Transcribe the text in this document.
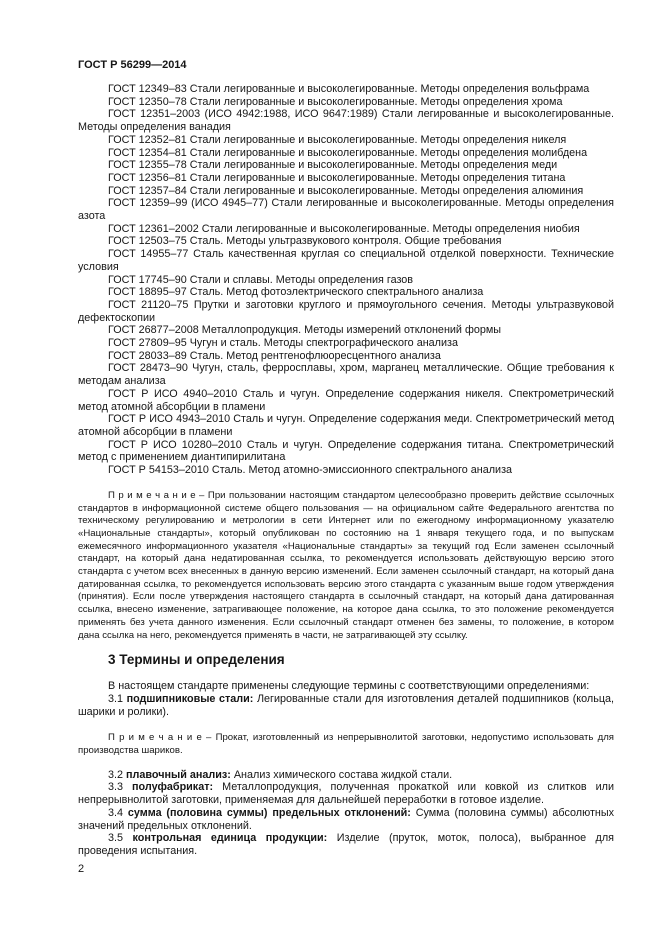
ГОСТ Р 56299—2014

ГОСТ 12349–83 Стали легированные и высоколегированные. Методы определения вольфрама

ГОСТ 12350–78 Стали легированные и высоколегированные. Методы определения хрома

ГОСТ 12351–2003 (ИСО 4942:1988, ИСО 9647:1989) Стали легированные и высоколегированные. Методы определения ванадия

ГОСТ 12352–81 Стали легированные и высоколегированные. Методы определения никеля

ГОСТ 12354–81 Стали легированные и высоколегированные. Методы определения молибдена

ГОСТ 12355–78 Стали легированные и высоколегированные. Методы определения меди

ГОСТ 12356–81 Стали легированные и высоколегированные. Методы определения титана

ГОСТ 12357–84 Стали легированные и высоколегированные. Методы определения алюминия

ГОСТ 12359–99 (ИСО 4945–77) Стали легированные и высоколегированные. Методы определения азота

ГОСТ 12361–2002 Стали легированные и высоколегированные. Методы определения ниобия

ГОСТ 12503–75 Сталь. Методы ультразвукового контроля. Общие требования

ГОСТ 14955–77 Сталь качественная круглая со специальной отделкой поверхности. Технические условия

ГОСТ 17745–90 Стали и сплавы. Методы определения газов

ГОСТ 18895–97 Сталь. Метод фотоэлектрического спектрального анализа

ГОСТ 21120–75 Прутки и заготовки круглого и прямоугольного сечения. Методы ультразвуковой дефектоскопии

ГОСТ 26877–2008 Металлопродукция. Методы измерений отклонений формы

ГОСТ 27809–95 Чугун и сталь. Методы спектрографического анализа

ГОСТ 28033–89 Сталь. Метод рентгенофлюоресцентного анализа

ГОСТ 28473–90 Чугун, сталь, ферросплавы, хром, марганец металлические. Общие требования к методам анализа

ГОСТ Р ИСО 4940–2010 Сталь и чугун. Определение содержания никеля. Спектрометрический метод атомной абсорбции в пламени

ГОСТ Р ИСО 4943–2010 Сталь и чугун. Определение содержания меди. Спектрометрический метод атомной абсорбции в пламени

ГОСТ Р ИСО 10280–2010 Сталь и чугун. Определение содержания титана. Спектрометрический метод с применением диантипирилитана

ГОСТ Р 54153–2010 Сталь. Метод атомно-эмиссионного спектрального анализа

П р и м е ч а н и е – При пользовании настоящим стандартом целесообразно проверить действие ссылочных стандартов в информационной системе общего пользования — на официальном сайте Федерального агентства по техническому регулированию и метрологии в сети Интернет или по ежегодному информационному указателю «Национальные стандарты», который опубликован по состоянию на 1 января текущего года, и по выпускам ежемесячного информационного указателя «Национальные стандарты» за текущий год Если заменен ссылочный стандарт, на который дана недатированная ссылка, то рекомендуется использовать действующую версию этого стандарта с учетом всех внесенных в данную версию изменений. Если заменен ссылочный стандарт, на который дана датированная ссылка, то рекомендуется использовать версию этого стандарта с указанным выше годом утверждения (принятия). Если после утверждения настоящего стандарта в ссылочный стандарт, на который дана датированная ссылка, внесено изменение, затрагивающее положение, на которое дана ссылка, то это положение рекомендуется применять без учета данного изменения. Если ссылочный стандарт отменен без замены, то положение, в котором дана ссылка на него, рекомендуется применять в части, не затрагивающей эту ссылку.

3 Термины и определения

В настоящем стандарте применены следующие термины с соответствующими определениями:

3.1 подшипниковые стали: Легированные стали для изготовления деталей подшипников (кольца, шарики и ролики).

П р и м е ч а н и е – Прокат, изготовленный из непрерывнолитой заготовки, недопустимо использовать для производства шариков.

3.2 плавочный анализ: Анализ химического состава жидкой стали.

3.3 полуфабрикат: Металлопродукция, полученная прокаткой или ковкой из слитков или непрерывнолитой заготовки, применяемая для дальнейшей переработки в готовое изделие.

3.4 сумма (половина суммы) предельных отклонений: Сумма (половина суммы) абсолютных значений предельных отклонений.

3.5 контрольная единица продукции: Изделие (пруток, моток, полоса), выбранное для проведения испытания.

2
